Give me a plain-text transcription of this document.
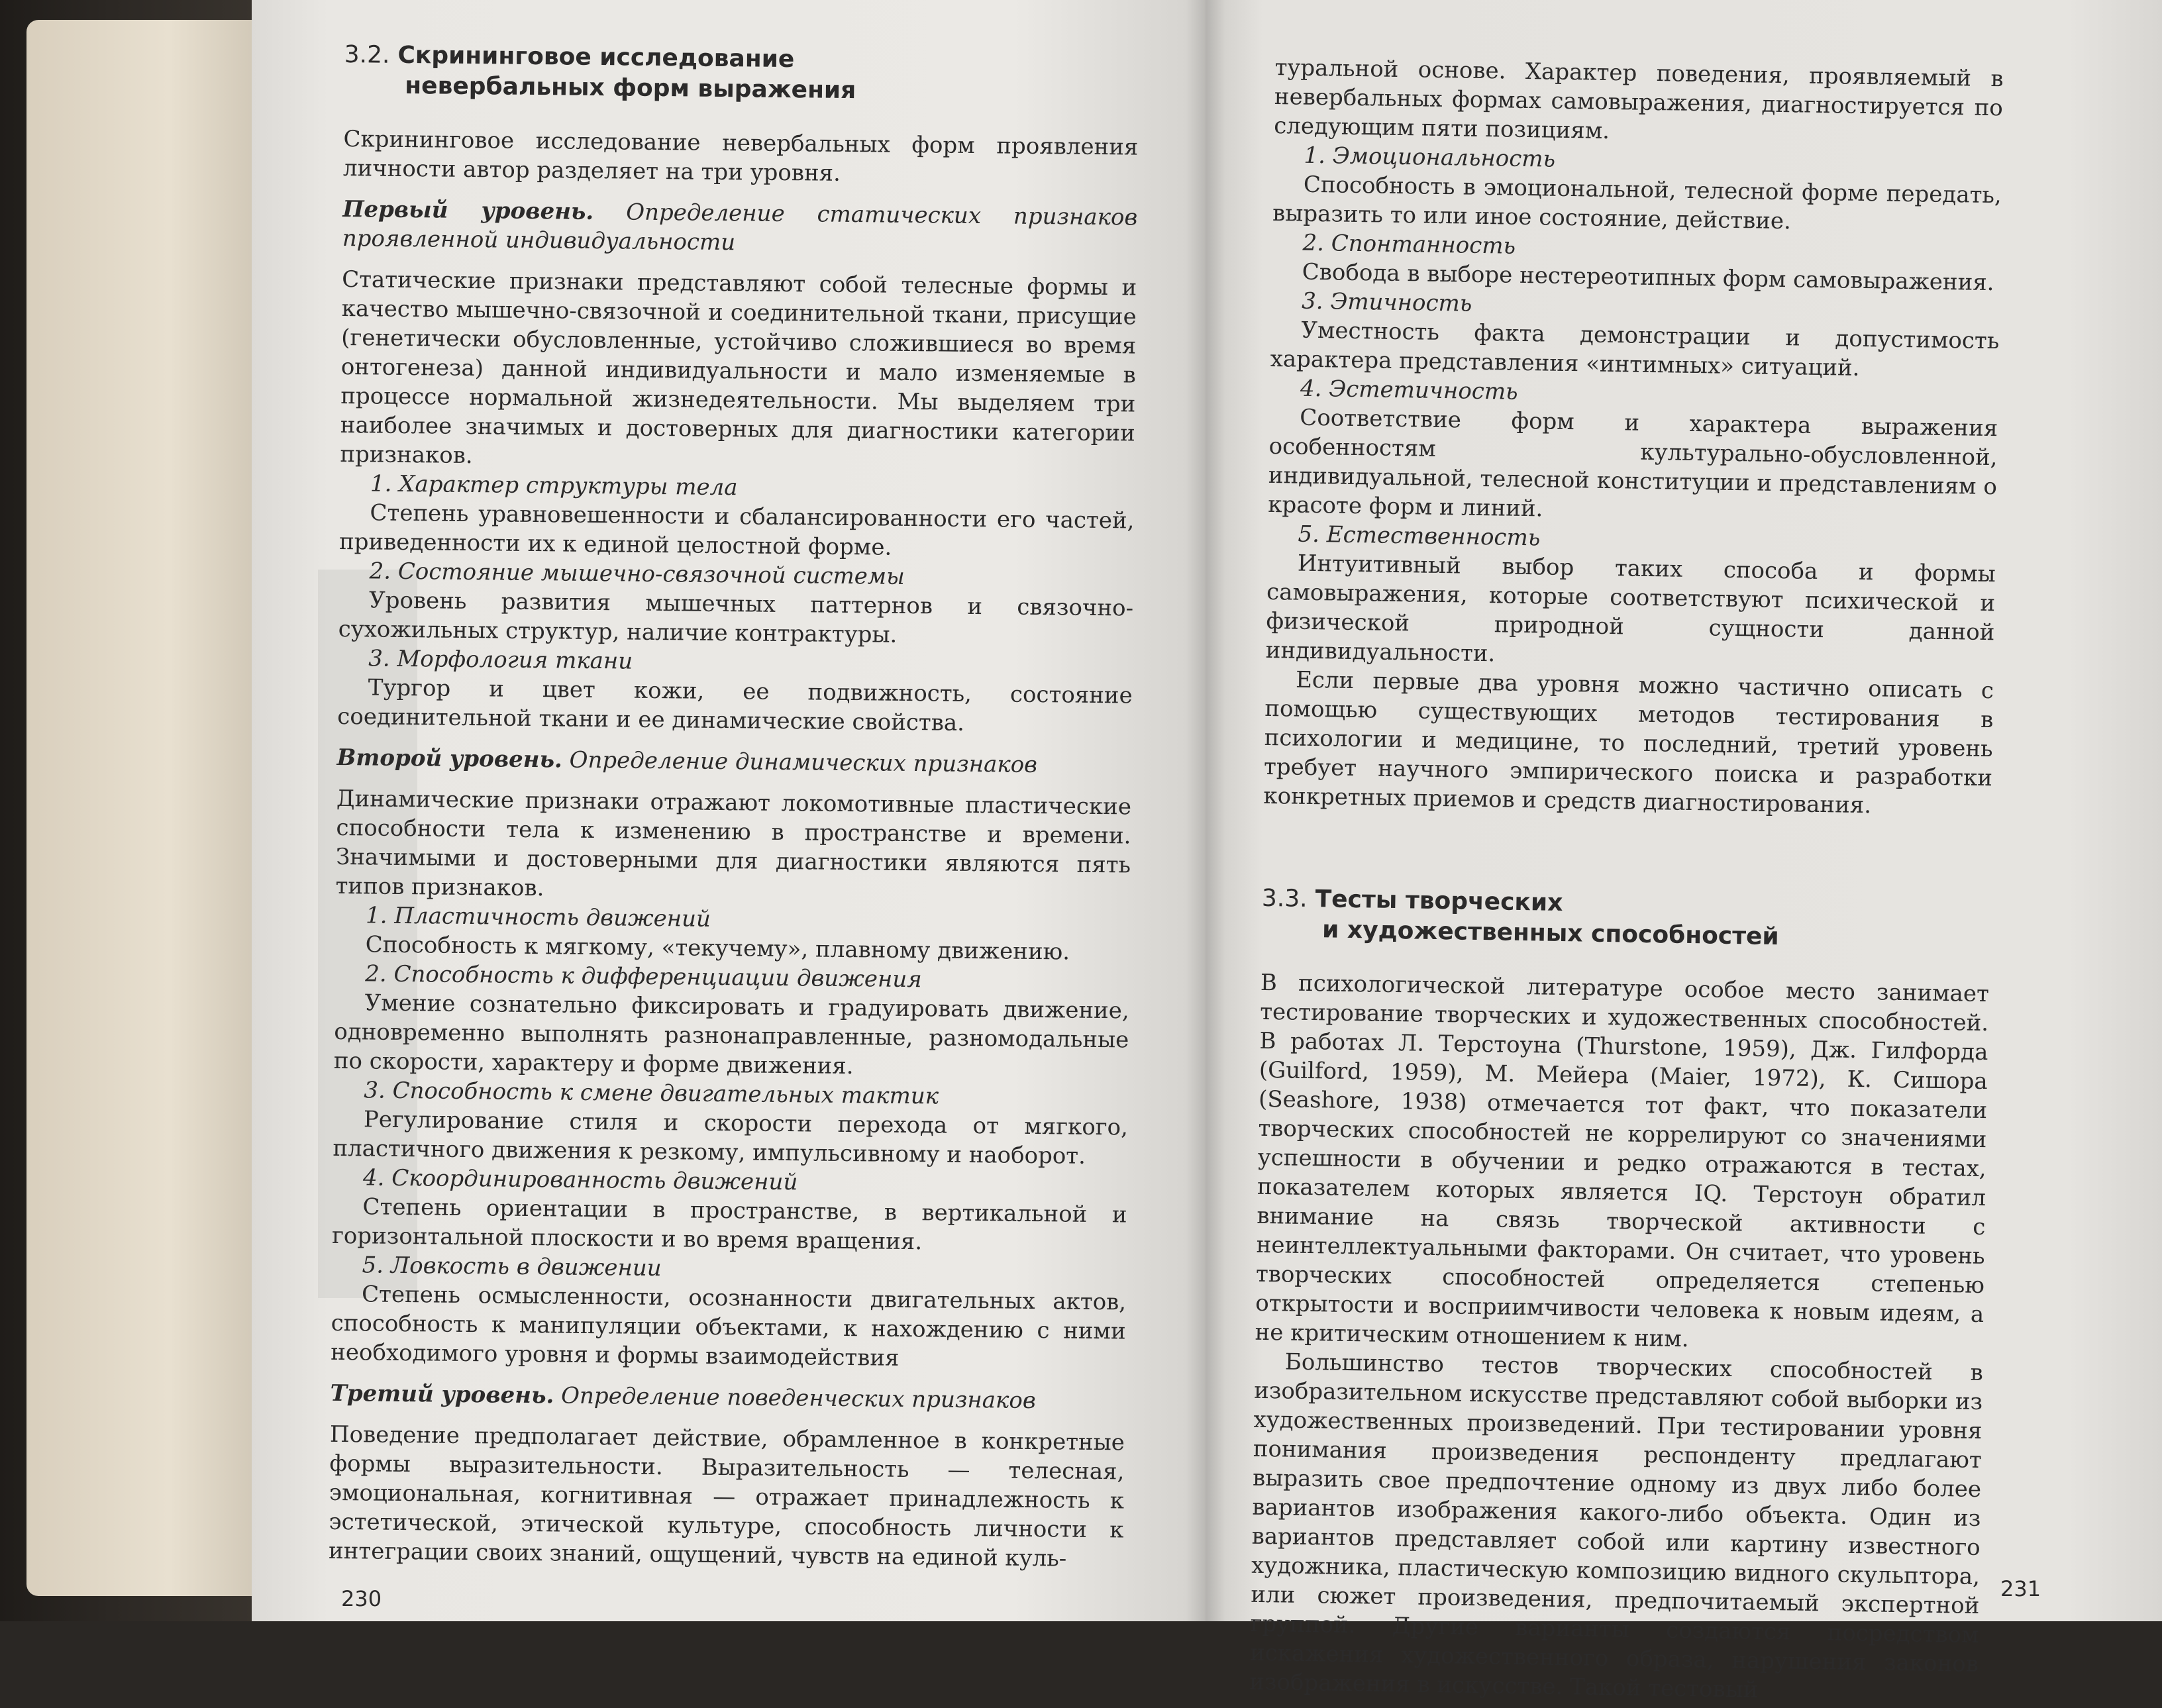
3.2. Скрининговое исследование
невербальных форм выражения

Скрининговое исследование невербальных форм проявления личности автор разделяет на три уровня.

Первый уровень. Определение статических признаков проявленной индивидуальности

Статические признаки представляют собой телесные формы и качество мышечно-связочной и соединительной ткани, присущие (генетически обусловленные, устойчиво сложившиеся во время онтогенеза) данной индивидуальности и мало изменяемые в процессе нормальной жизнедеятельности. Мы выделяем три наиболее значимых и достоверных для диагностики категории признаков.

1. Характер структуры тела

Степень уравновешенности и сбалансированности его частей, приведенности их к единой целостной форме.

2. Состояние мышечно-связочной системы

Уровень развития мышечных паттернов и связочно-сухожильных структур, наличие контрактуры.

3. Морфология ткани

Тургор и цвет кожи, ее подвижность, состояние соединительной ткани и ее динамические свойства.

Второй уровень. Определение динамических признаков

Динамические признаки отражают локомотивные пластические способности тела к изменению в пространстве и времени. Значимыми и достоверными для диагностики являются пять типов признаков.

1. Пластичность движений

Способность к мягкому, «текучему», плавному движению.

2. Способность к дифференциации движения

Умение сознательно фиксировать и градуировать движение, одновременно выполнять разнонаправленные, разномодальные по скорости, характеру и форме движения.

3. Способность к смене двигательных тактик

Регулирование стиля и скорости перехода от мягкого, пластичного движения к резкому, импульсивному и наоборот.

4. Скоординированность движений

Степень ориентации в пространстве, в вертикальной и горизонтальной плоскости и во время вращения.

5. Ловкость в движении

Степень осмысленности, осознанности двигательных актов, способность к манипуляции объектами, к нахождению с ними необходимого уровня и формы взаимодействия

Третий уровень. Определение поведенческих признаков

Поведение предполагает действие, обрамленное в конкретные формы выразительности. Выразительность — телесная, эмоциональная, когнитивная — отражает принадлежность к эстетической, этической культуре, способность личности к интеграции своих знаний, ощущений, чувств на единой куль-

230

туральной основе. Характер поведения, проявляемый в невербальных формах самовыражения, диагностируется по следующим пяти позициям.

1. Эмоциональность

Способность в эмоциональной, телесной форме передать, выразить то или иное состояние, действие.

2. Спонтанность

Свобода в выборе нестереотипных форм самовыражения.

3. Этичность

Уместность факта демонстрации и допустимость характера представления «интимных» ситуаций.

4. Эстетичность

Соответствие форм и характера выражения особенностям культурально-обусловленной, индивидуальной, телесной конституции и представлениям о красоте форм и линий.

5. Естественность

Интуитивный выбор таких способа и формы самовыражения, которые соответствуют психической и физической природной сущности данной индивидуальности.

Если первые два уровня можно частично описать с помощью существующих методов тестирования в психологии и медицине, то последний, третий уровень требует научного эмпирического поиска и разработки конкретных приемов и средств диагностирования.

3.3. Тесты творческих
и художественных способностей

В психологической литературе особое место занимает тестирование творческих и художественных способностей. В работах Л. Терстоуна (Thurstone, 1959), Дж. Гилфорда (Guilford, 1959), М. Мейера (Maier, 1972), К. Сишора (Seashore, 1938) отмечается тот факт, что показатели творческих способностей не коррелируют со значениями успешности в обучении и редко отражаются в тестах, показателем которых является IQ. Терстоун обратил внимание на связь творческой активности с неинтеллектуальными факторами. Он считает, что уровень творческих способностей определяется степенью открытости и восприимчивости человека к новым идеям, а не критическим отношением к ним.

Большинство тестов творческих способностей в изобразительном искусстве представляют собой выборки из художественных произведений. При тестировании уровня понимания произведения респонденту предлагают выразить свое предпочтение одному из двух либо более вариантов изображения какого-либо объекта. Один из вариантов представляет собой или картину известного художника, пластическую композицию видного скульптора, или сюжет произведения, предпочитаемый экспертной группой. Другие варианты создаются посредством искажения художественного образа, нарушения законов изображения в искусстве. Такой тестовый

231
